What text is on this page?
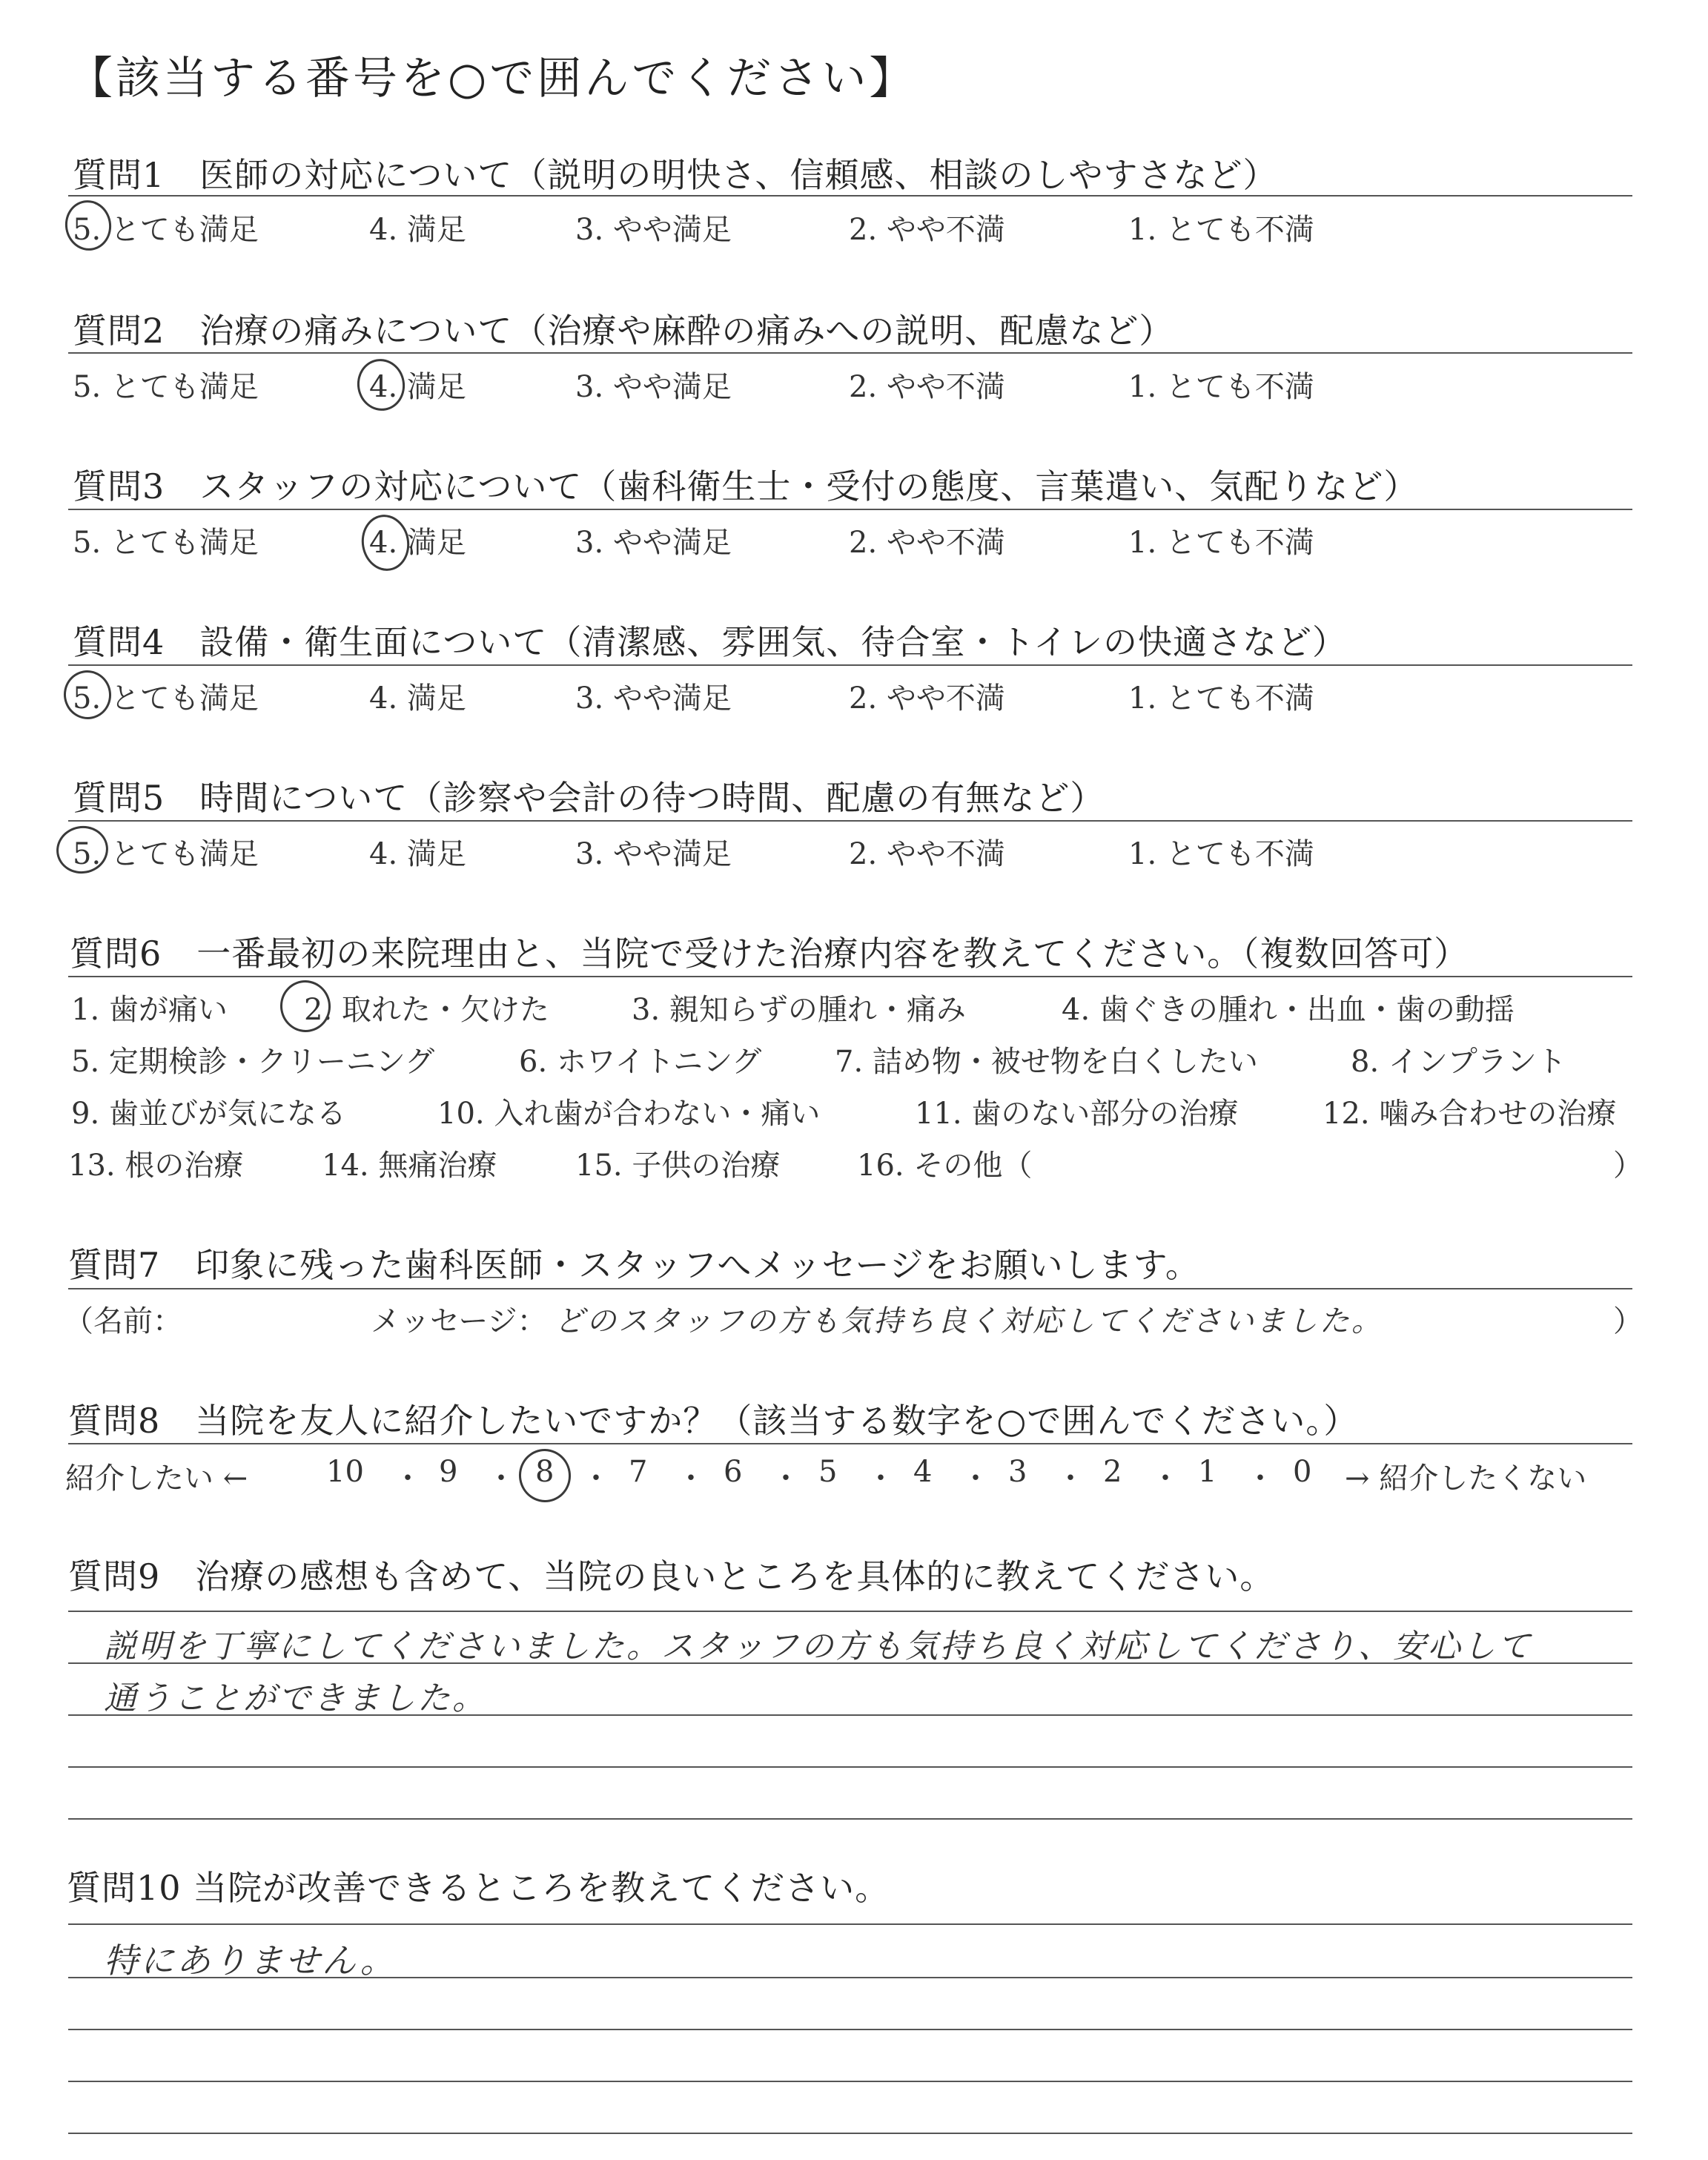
【該当する番号を○で囲んでください】
質問1　医師の対応について（説明の明快さ、信頼感、相談のしやすさなど）
5. とても満足	4. 満足	3. やや満足	2. やや不満	1. とても不満
質問2　治療の痛みについて（治療や麻酔の痛みへの説明、配慮など）
5. とても満足	4. 満足	3. やや満足	2. やや不満	1. とても不満
質問3　スタッフの対応について（歯科衛生士・受付の態度、言葉遣い、気配りなど）
5. とても満足	4. 満足	3. やや満足	2. やや不満	1. とても不満
質問4　設備・衛生面について（清潔感、雰囲気、待合室・トイレの快適さなど）
5. とても満足	4. 満足	3. やや満足	2. やや不満	1. とても不満
質問5　時間について（診察や会計の待つ時間、配慮の有無など）
5. とても満足	4. 満足	3. やや満足	2. やや不満	1. とても不満
質問6　一番最初の来院理由と、当院で受けた治療内容を教えてください。（複数回答可）
1. 歯が痛い	2. 取れた・欠けた	3. 親知らずの腫れ・痛み	4. 歯ぐきの腫れ・出血・歯の動揺
5. 定期検診・クリーニング	6. ホワイトニング 7. 詰め物・被せ物を白くしたい	8. インプラント
9. 歯並びが気になる	10. 入れ歯が合わない・痛い	11. 歯のない部分の治療	12. 噛み合わせの治療
13. 根の治療	14. 無痛治療	15. 子供の治療	16. その他（	）
質問7　印象に残った歯科医師・スタッフへメッセージをお願いします。
（名前：	メッセージ： どのスタッフの方も気持ち良く対応してくださいました。	）
質問8　当院を友人に紹介したいですか？（該当する数字を○で囲んでください。）
紹介したい ←	10 ・ 9 ・ 8 ・ 7 ・ 6 ・ 5 ・ 4 ・ 3 ・ 2 ・ 1 ・ 0 → 紹介したくない
質問9　治療の感想も含めて、当院の良いところを具体的に教えてください。
説明を丁寧にしてくださいました。スタッフの方も気持ち良く対応してくださり、安心して
通うことができました。
質問10 当院が改善できるところを教えてください。
特にありません。
